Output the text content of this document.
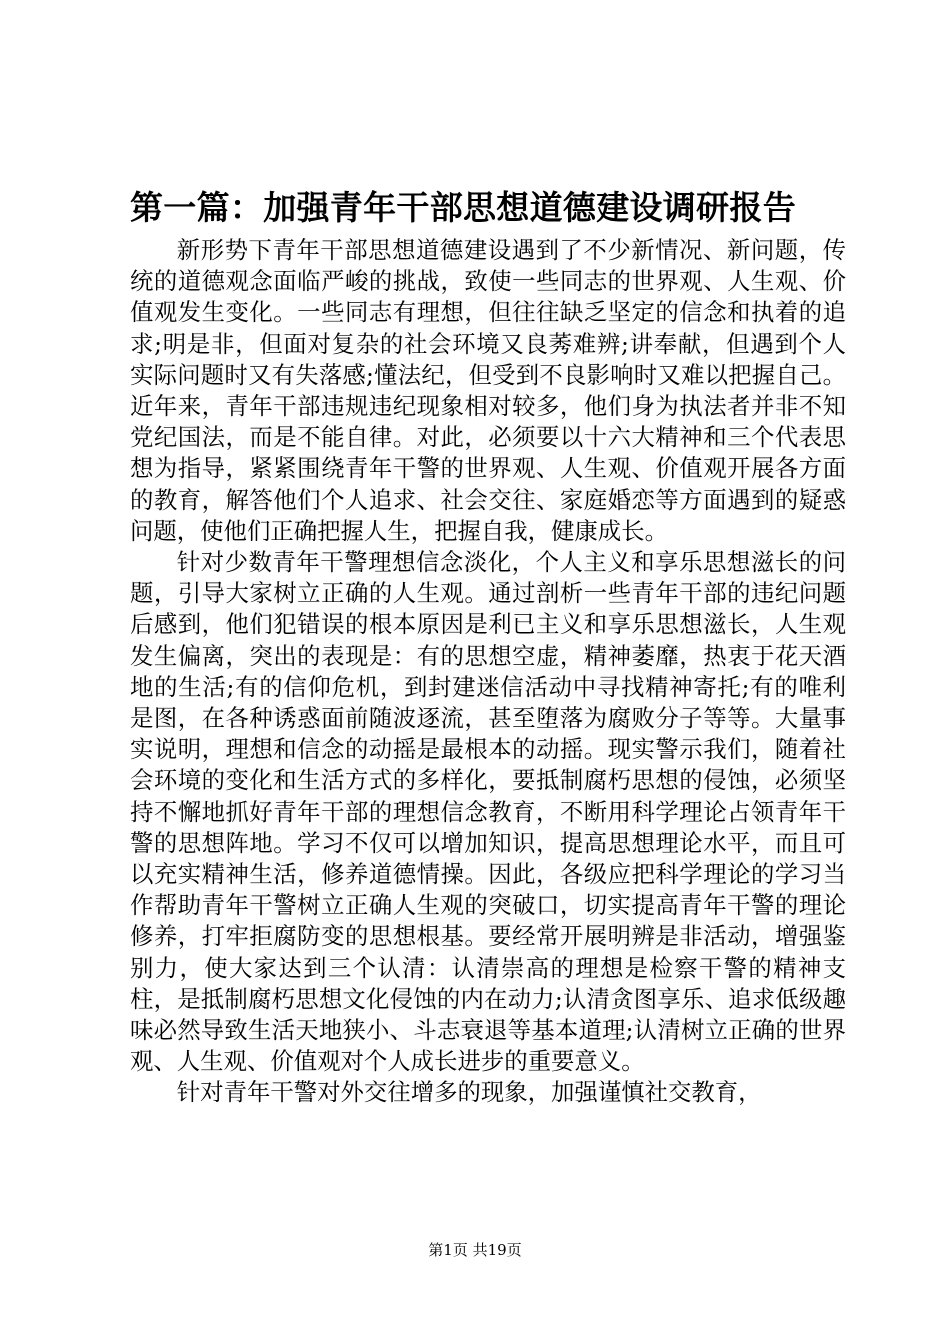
第一篇：加强青年干部思想道德建设调研报告

新形势下青年干部思想道德建设遇到了不少新情况、新问题，传统的道德观念面临严峻的挑战，致使一些同志的世界观、人生观、价值观发生变化。一些同志有理想，但往往缺乏坚定的信念和执着的追求;明是非，但面对复杂的社会环境又良莠难辨;讲奉献，但遇到个人实际问题时又有失落感;懂法纪，但受到不良影响时又难以把握自己。近年来，青年干部违规违纪现象相对较多，他们身为执法者并非不知党纪国法，而是不能自律。对此，必须要以十六大精神和三个代表思想为指导，紧紧围绕青年干警的世界观、人生观、价值观开展各方面的教育，解答他们个人追求、社会交往、家庭婚恋等方面遇到的疑惑问题，使他们正确把握人生，把握自我，健康成长。

针对少数青年干警理想信念淡化，个人主义和享乐思想滋长的问题，引导大家树立正确的人生观。通过剖析一些青年干部的违纪问题后感到，他们犯错误的根本原因是利已主义和享乐思想滋长，人生观发生偏离，突出的表现是：有的思想空虚，精神萎靡，热衷于花天酒地的生活;有的信仰危机，到封建迷信活动中寻找精神寄托;有的唯利是图，在各种诱惑面前随波逐流，甚至堕落为腐败分子等等。大量事实说明，理想和信念的动摇是最根本的动摇。现实警示我们，随着社会环境的变化和生活方式的多样化，要抵制腐朽思想的侵蚀，必须坚持不懈地抓好青年干部的理想信念教育，不断用科学理论占领青年干警的思想阵地。学习不仅可以增加知识，提高思想理论水平，而且可以充实精神生活，修养道德情操。因此，各级应把科学理论的学习当作帮助青年干警树立正确人生观的突破口，切实提高青年干警的理论修养，打牢拒腐防变的思想根基。要经常开展明辨是非活动，增强鉴别力，使大家达到三个认清：认清崇高的理想是检察干警的精神支柱，是抵制腐朽思想文化侵蚀的内在动力;认清贪图享乐、追求低级趣味必然导致生活天地狭小、斗志衰退等基本道理;认清树立正确的世界观、人生观、价值观对个人成长进步的重要意义。

针对青年干警对外交往增多的现象，加强谨慎社交教育，

第1页 共19页
